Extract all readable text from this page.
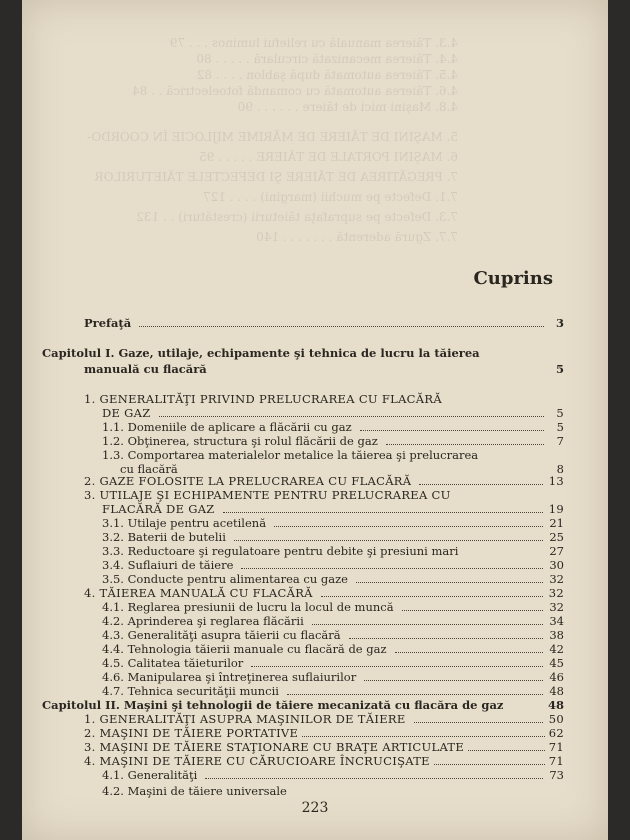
4.3. Tăierea manuală cu reliefui luminos . . . 79
4.4. Tăierea mecanizată circulară . . . . . 80
4.5. Tăierea automată după şablon . . . . 82
4.6. Tăierea automată cu comandă fotoelectrică . . 84
4.8. Maşini mici de tăiere . . . . . . 90
5. MAŞINI DE TĂIERE DE MĂRIME MIJLOCIE ÎN COORDO-
6. MAŞINI PORTALE DE TĂIERE . . . . . 95
7. PREGĂTIREA DE TĂIERE ŞI DEFECTELE TĂIETURILOR
7.1. Defecte pe muchii (margini) . . . . 127
7.3. Defecte pe suprafaţa tăieturii (crestături) . . 132
7.7. Zgură aderentă . . . . . . . 140
Cuprins
Prefaţă	3
Capitolul I. Gaze, utilaje, echipamente şi tehnica de lucru la tăierea
manuală cu flacără	5
1. GENERALITĂŢI PRIVIND PRELUCRAREA CU FLACĂRĂ
DE GAZ	5
1.1. Domeniile de aplicare a flăcării cu gaz	5
1.2. Obţinerea, structura şi rolul flăcării de gaz	7
1.3. Comportarea materialelor metalice la tăierea şi prelucrarea
cu flacără	8
2. GAZE FOLOSITE LA PRELUCRAREA CU FLACĂRĂ	13
3. UTILAJE ŞI ECHIPAMENTE PENTRU PRELUCRAREA CU
FLACĂRĂ DE GAZ	19
3.1. Utilaje pentru acetilenă	21
3.2. Baterii de butelii	25
3.3. Reductoare şi regulatoare pentru debite şi presiuni mari	27
3.4. Suflaiuri de tăiere	30
3.5. Conducte pentru alimentarea cu gaze	32
4. TĂIEREA MANUALĂ CU FLACĂRĂ	32
4.1. Reglarea presiunii de lucru la locul de muncă	32
4.2. Aprinderea şi reglarea flăcării	34
4.3. Generalităţi asupra tăierii cu flacără	38
4.4. Tehnologia tăierii manuale cu flacără de gaz	42
4.5. Calitatea tăieturilor	45
4.6. Manipularea şi întreţinerea suflaiurilor	46
4.7. Tehnica securităţii muncii	48
Capitolul II. Maşini şi tehnologii de tăiere mecanizată cu flacăra de gaz	48
1. GENERALITĂŢI ASUPRA MAŞINILOR DE TĂIERE	50
2. MAŞINI DE TĂIERE PORTATIVE	62
3. MAŞINI DE TĂIERE STAŢIONARE CU BRAŢE ARTICULATE	71
4. MAŞINI DE TĂIERE CU CĂRUCIOARE ÎNCRUCIŞATE	71
4.1. Generalităţi	73
4.2. Maşini de tăiere universale
223
